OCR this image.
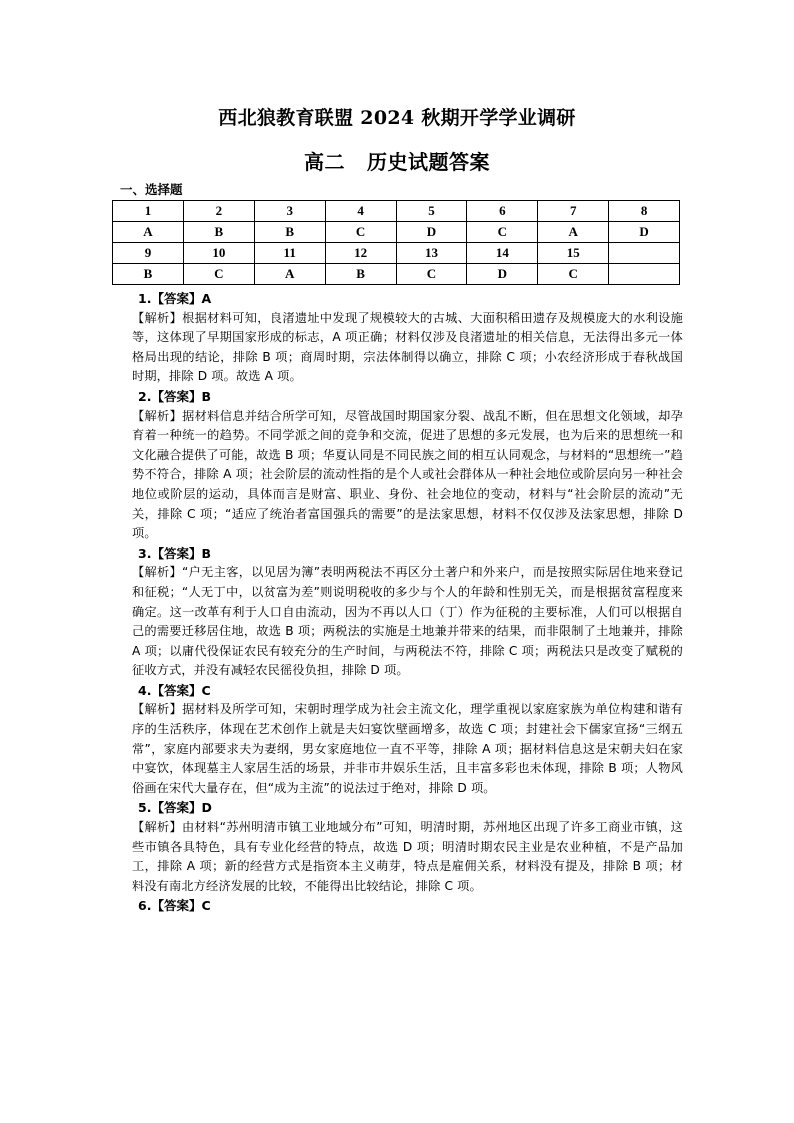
西北狼教育联盟 2024 秋期开学学业调研
高二 历史试题答案
一、选择题
1	2	3	4	5	6	7	8
A	B	B	C	D	C	A	D
9	10	11	12	13	14	15	
B	C	A	B	C	D	C	

1.【答案】A

【解析】根据材料可知，良渚遗址中发现了规模较大的古城、大面积稻田遗存及规模庞大的水利设施等，这体现了早期国家形成的标志，A 项正确；材料仅涉及良渚遗址的相关信息，无法得出多元一体格局出现的结论，排除 B 项；商周时期，宗法体制得以确立，排除 C 项；小农经济形成于春秋战国时期，排除 D 项。故选 A 项。

2.【答案】B

【解析】据材料信息并结合所学可知，尽管战国时期国家分裂、战乱不断，但在思想文化领域，却孕育着一种统一的趋势。不同学派之间的竞争和交流，促进了思想的多元发展，也为后来的思想统一和文化融合提供了可能，故选 B 项；华夏认同是不同民族之间的相互认同观念，与材料的“思想统一”趋势不符合，排除 A 项；社会阶层的流动性指的是个人或社会群体从一种社会地位或阶层向另一种社会地位或阶层的运动，具体而言是财富、职业、身份、社会地位的变动，材料与“社会阶层的流动”无关，排除 C 项；“适应了统治者富国强兵的需要”的是法家思想，材料不仅仅涉及法家思想，排除 D 项。

3.【答案】B

【解析】“户无主客，以见居为簿”表明两税法不再区分土著户和外来户，而是按照实际居住地来登记和征税；“人无丁中，以贫富为差”则说明税收的多少与个人的年龄和性别无关，而是根据贫富程度来确定。这一改革有利于人口自由流动，因为不再以人口（丁）作为征税的主要标准，人们可以根据自己的需要迁移居住地，故选 B 项；两税法的实施是土地兼并带来的结果，而非限制了土地兼并，排除 A 项；以庸代役保证农民有较充分的生产时间，与两税法不符，排除 C 项；两税法只是改变了赋税的征收方式，并没有减轻农民徭役负担，排除 D 项。

4.【答案】C

【解析】据材料及所学可知，宋朝时理学成为社会主流文化，理学重视以家庭家族为单位构建和谐有序的生活秩序，体现在艺术创作上就是夫妇宴饮壁画增多，故选 C 项；封建社会下儒家宣扬“三纲五常”，家庭内部要求夫为妻纲，男女家庭地位一直不平等，排除 A 项；据材料信息这是宋朝夫妇在家中宴饮，体现墓主人家居生活的场景，并非市井娱乐生活，且丰富多彩也未体现，排除 B 项；人物风俗画在宋代大量存在，但“成为主流”的说法过于绝对，排除 D 项。

5.【答案】D

【解析】由材料“苏州明清市镇工业地域分布”可知，明清时期，苏州地区出现了许多工商业市镇，这些市镇各具特色，具有专业化经营的特点，故选 D 项；明清时期农民主业是农业种植，不是产品加工，排除 A 项；新的经营方式是指资本主义萌芽，特点是雇佣关系，材料没有提及，排除 B 项；材料没有南北方经济发展的比较，不能得出比较结论，排除 C 项。

6.【答案】C
